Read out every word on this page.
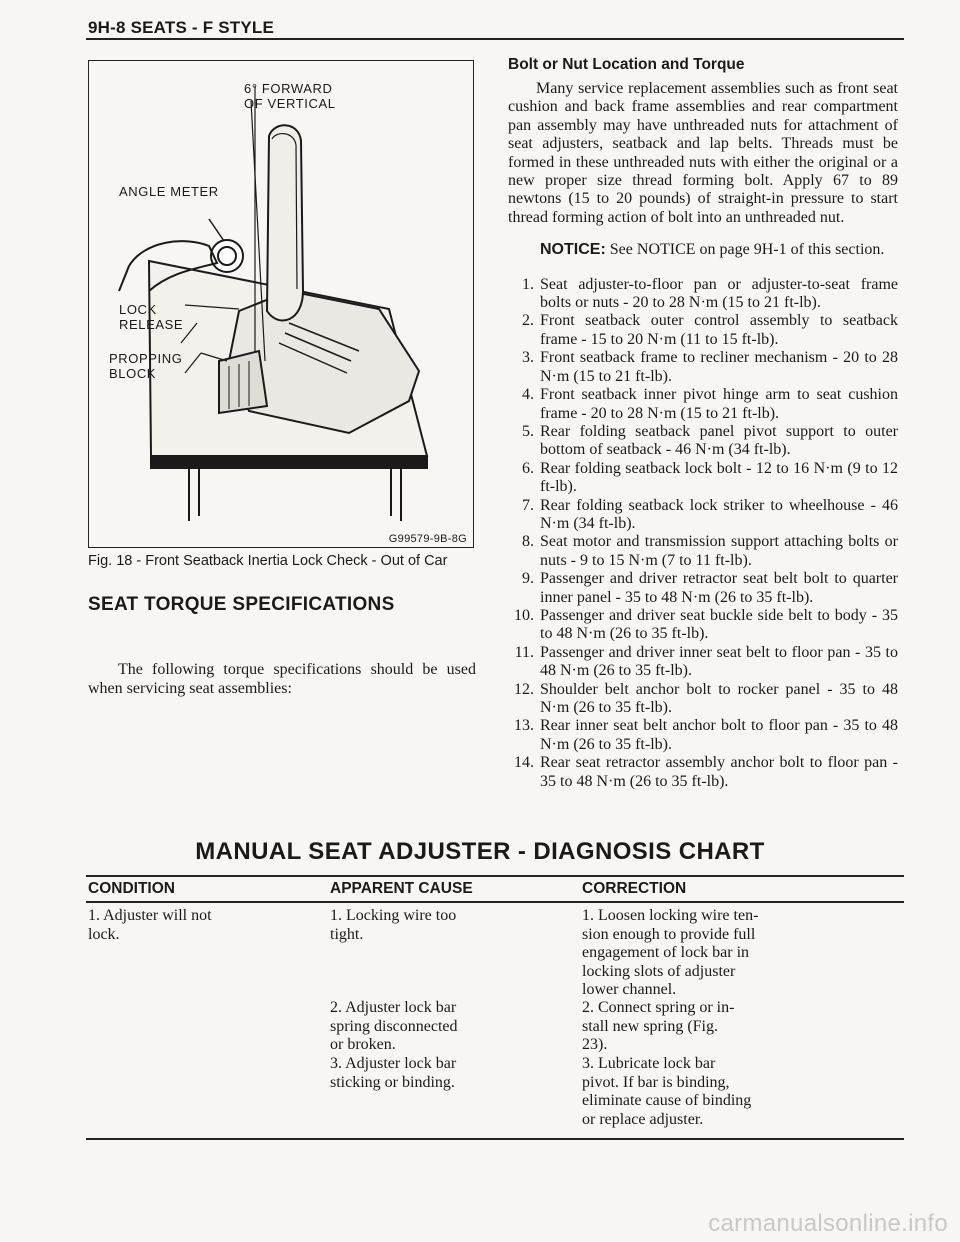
9H-8 SEATS - F STYLE
6° FORWARD
OF VERTICAL
ANGLE METER
LOCK
RELEASE
PROPPING
BLOCK
G99579-9B-8G
Fig. 18 - Front Seatback Inertia Lock Check - Out of Car
SEAT TORQUE SPECIFICATIONS
The following torque specifications should be used when servicing seat assemblies:
Bolt or Nut Location and Torque

Many service replacement assemblies such as front seat cushion and back frame assemblies and rear compartment pan assembly may have unthreaded nuts for attachment of seat adjusters, seatback and lap belts. Threads must be formed in these unthreaded nuts with either the original or a new proper size thread forming bolt. Apply 67 to 89 newtons (15 to 20 pounds) of straight-in pressure to start thread forming action of bolt into an unthreaded nut.

NOTICE: See NOTICE on page 9H-1 of this section.
1. Seat adjuster-to-floor pan or adjuster-to-seat frame bolts or nuts - 20 to 28 N·m (15 to 21 ft-lb).
2. Front seatback outer control assembly to seatback frame - 15 to 20 N·m (11 to 15 ft-lb).
3. Front seatback frame to recliner mechanism - 20 to 28 N·m (15 to 21 ft-lb).
4. Front seatback inner pivot hinge arm to seat cushion frame - 20 to 28 N·m (15 to 21 ft-lb).
5. Rear folding seatback panel pivot support to outer bottom of seatback - 46 N·m (34 ft-lb).
6. Rear folding seatback lock bolt - 12 to 16 N·m (9 to 12 ft-lb).
7. Rear folding seatback lock striker to wheelhouse - 46 N·m (34 ft-lb).
8. Seat motor and transmission support attaching bolts or nuts - 9 to 15 N·m (7 to 11 ft-lb).
9. Passenger and driver retractor seat belt bolt to quarter inner panel - 35 to 48 N·m (26 to 35 ft-lb).
10. Passenger and driver seat buckle side belt to body - 35 to 48 N·m (26 to 35 ft-lb).
11. Passenger and driver inner seat belt to floor pan - 35 to 48 N·m (26 to 35 ft-lb).
12. Shoulder belt anchor bolt to rocker panel - 35 to 48 N·m (26 to 35 ft-lb).
13. Rear inner seat belt anchor bolt to floor pan - 35 to 48 N·m (26 to 35 ft-lb).
14. Rear seat retractor assembly anchor bolt to floor pan - 35 to 48 N·m (26 to 35 ft-lb).
MANUAL SEAT ADJUSTER - DIAGNOSIS CHART
CONDITION	APPARENT CAUSE	CORRECTION
1. Adjuster will not
lock.
1. Locking wire too
tight.
1. Loosen locking wire ten-
sion enough to provide full
engagement of lock bar in
locking slots of adjuster
lower channel.
2. Adjuster lock bar
spring disconnected
or broken.
2. Connect spring or in-
stall new spring (Fig.
23).
3. Adjuster lock bar
sticking or binding.
3. Lubricate lock bar
pivot. If bar is binding,
eliminate cause of binding
or replace adjuster.
carmanualsonline.info
